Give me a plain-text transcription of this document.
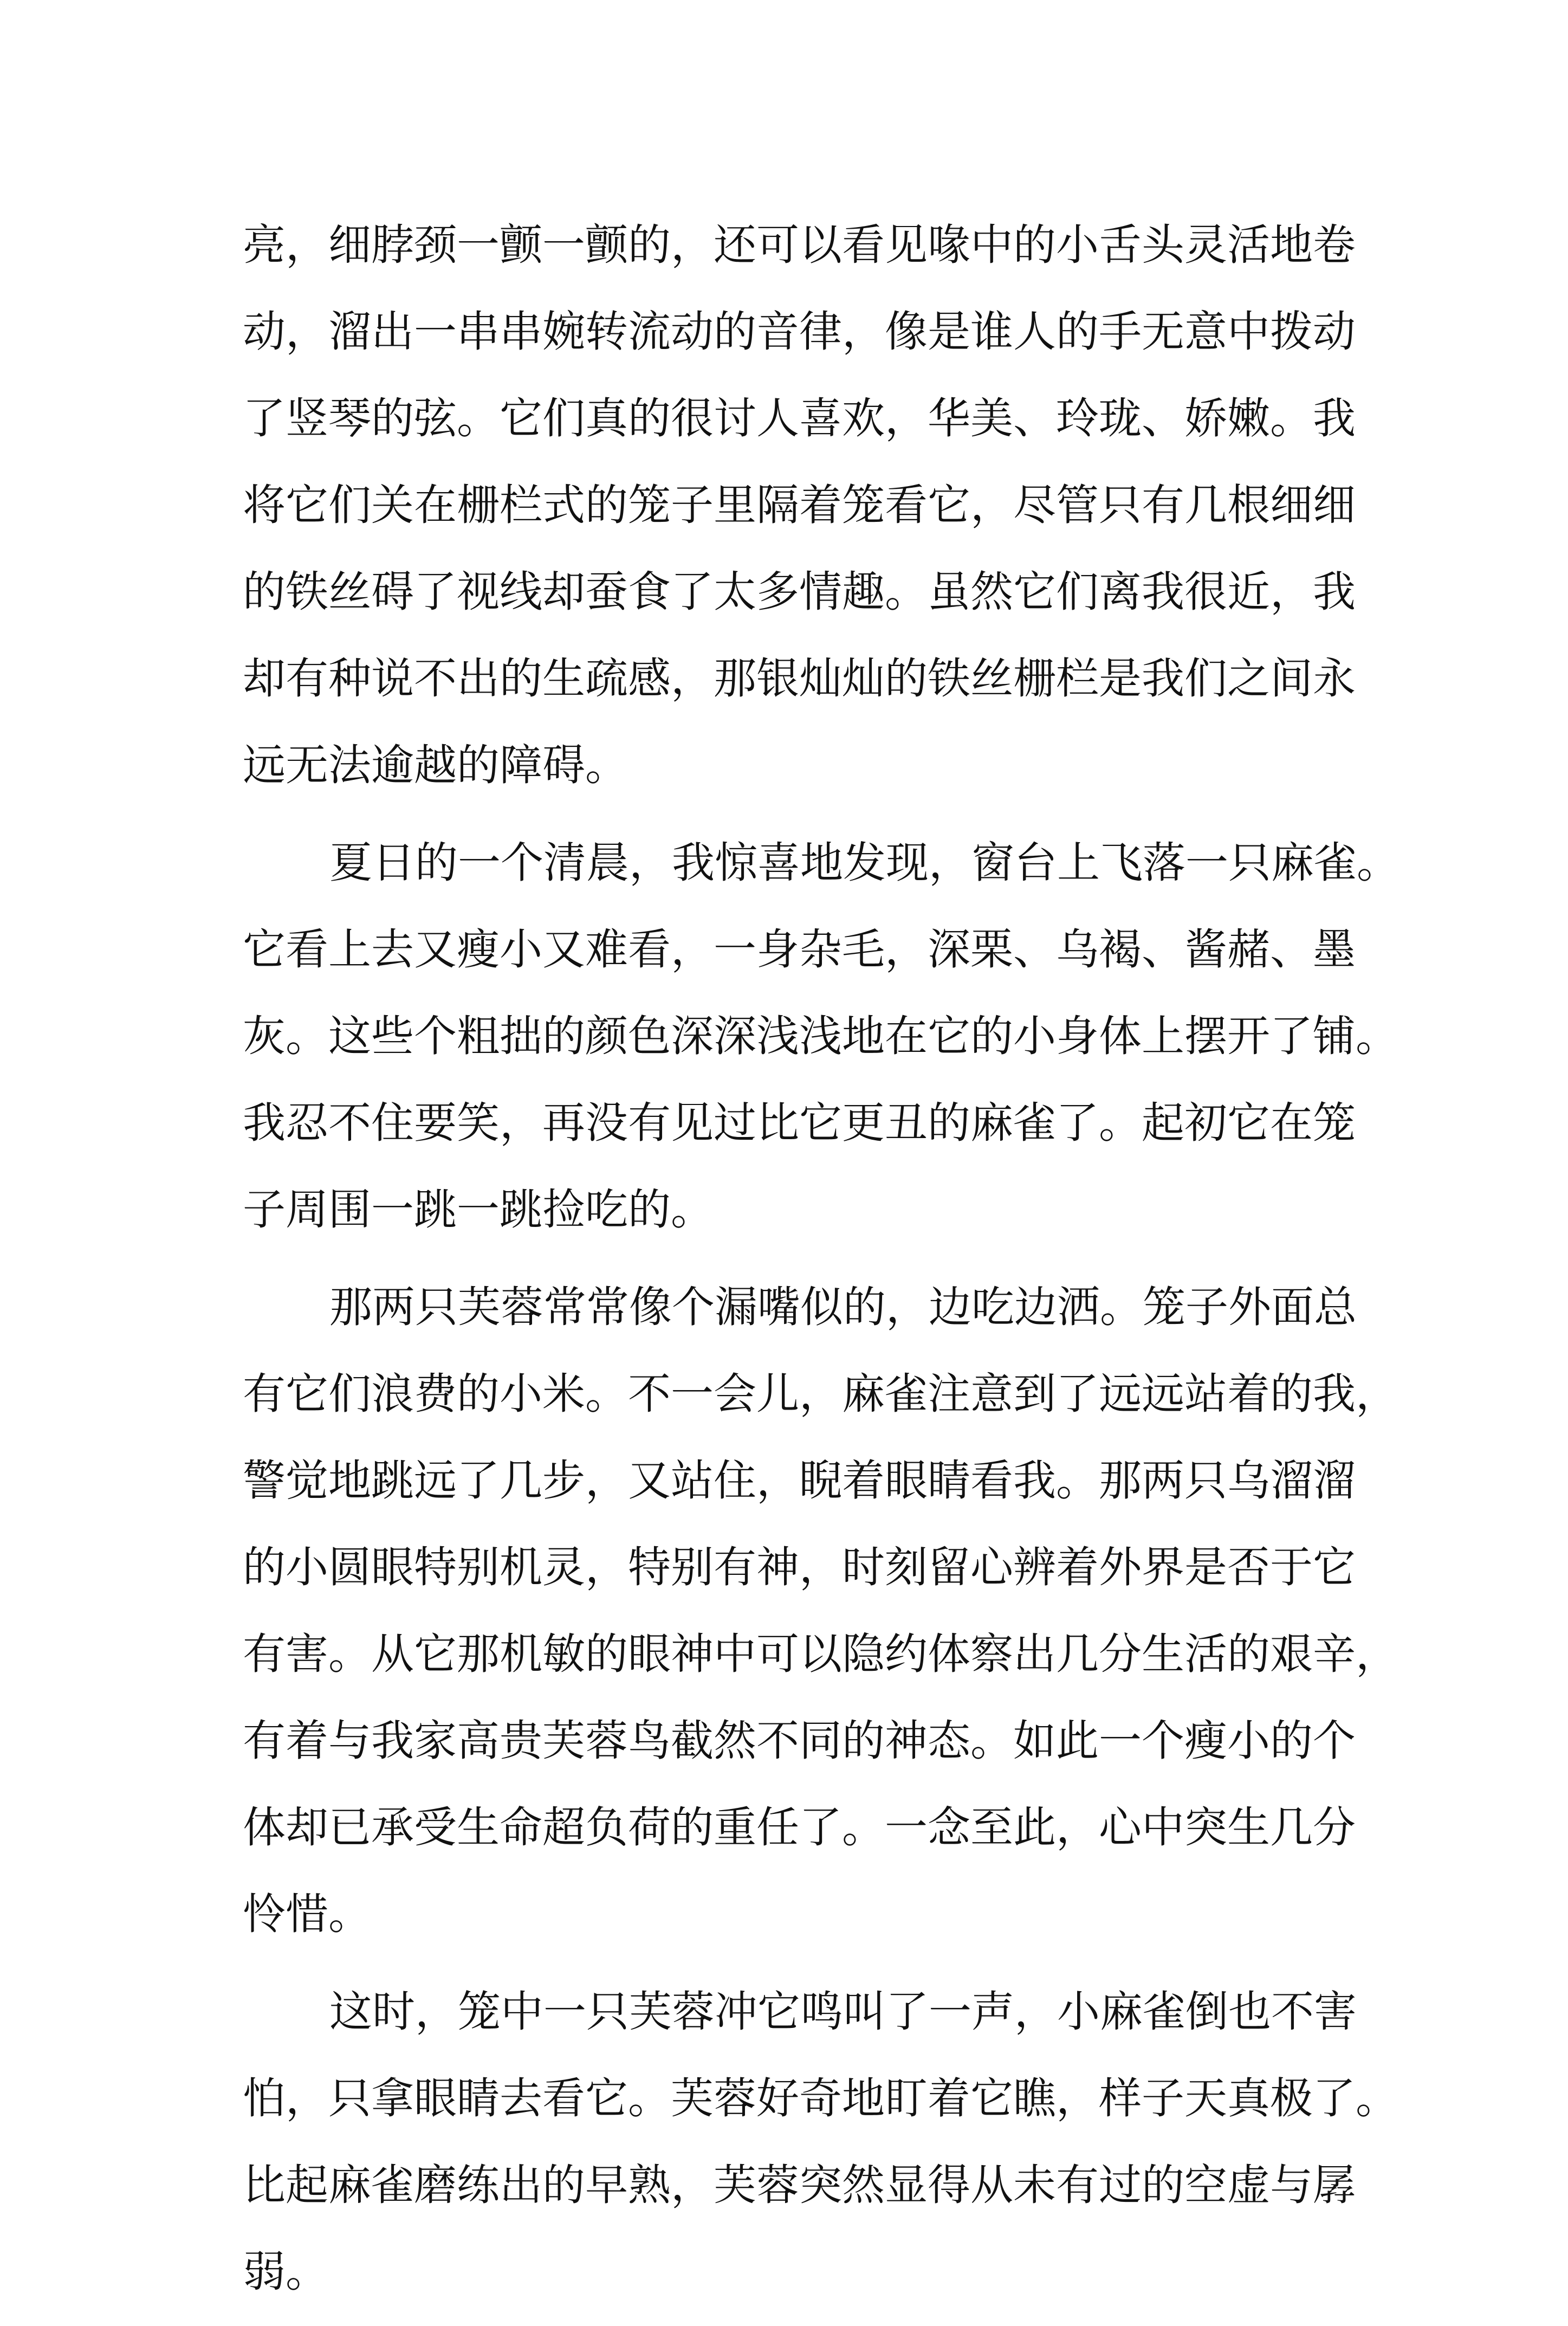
亮，细脖颈一颤一颤的，还可以看见喙中的小舌头灵活地卷
动，溜出一串串婉转流动的音律，像是谁人的手无意中拨动
了竖琴的弦。它们真的很讨人喜欢，华美、玲珑、娇嫩。我
将它们关在栅栏式的笼子里隔着笼看它，尽管只有几根细细
的铁丝碍了视线却蚕食了太多情趣。虽然它们离我很近，我
却有种说不出的生疏感，那银灿灿的铁丝栅栏是我们之间永
远无法逾越的障碍。
夏日的一个清晨，我惊喜地发现，窗台上飞落一只麻雀。
它看上去又瘦小又难看，一身杂毛，深栗、乌褐、酱赭、墨
灰。这些个粗拙的颜色深深浅浅地在它的小身体上摆开了铺。
我忍不住要笑，再没有见过比它更丑的麻雀了。起初它在笼
子周围一跳一跳捡吃的。
那两只芙蓉常常像个漏嘴似的，边吃边洒。笼子外面总
有它们浪费的小米。不一会儿，麻雀注意到了远远站着的我，
警觉地跳远了几步，又站住，睨着眼睛看我。那两只乌溜溜
的小圆眼特别机灵，特别有神，时刻留心辨着外界是否于它
有害。从它那机敏的眼神中可以隐约体察出几分生活的艰辛，
有着与我家高贵芙蓉鸟截然不同的神态。如此一个瘦小的个
体却已承受生命超负荷的重任了。一念至此，心中突生几分
怜惜。
这时，笼中一只芙蓉冲它鸣叫了一声，小麻雀倒也不害
怕，只拿眼睛去看它。芙蓉好奇地盯着它瞧，样子天真极了。
比起麻雀磨练出的早熟，芙蓉突然显得从未有过的空虚与孱
弱。
